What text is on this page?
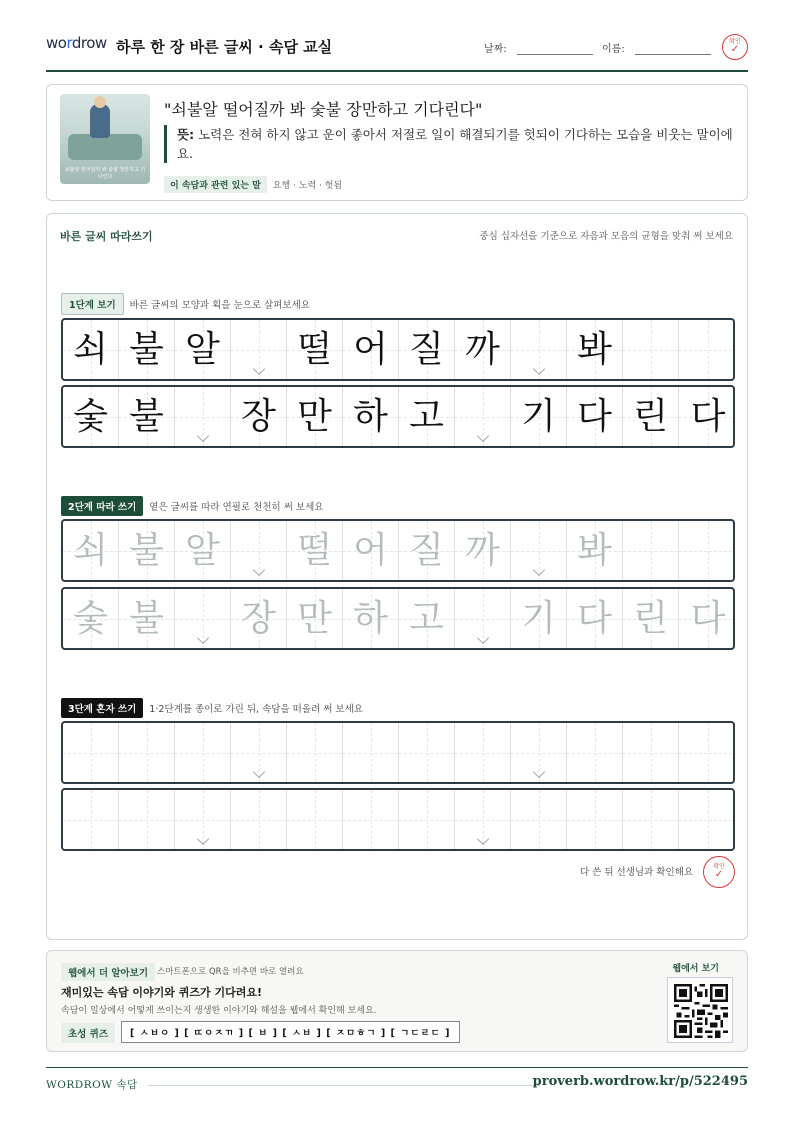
wordrow 하루 한 장 바른 글씨 · 속담 교실	날짜:	이름:
확인
✓
쇠불알 떨어질까 봐 숯불 장만하고 기다린다
"쇠불알 떨어질까 봐 숯불 장만하고 기다린다"
뜻: 노력은 전혀 하지 않고 운이 좋아서 저절로 일이 해결되기를 헛되이 기다하는 모습을 비웃는 말이에요.
이 속담과 관련 있는 말 요행 · 노력 · 헛됨
바른 글씨 따라쓰기	중심 십자선을 기준으로 자음과 모음의 균형을 맞춰 써 보세요
1단계 보기 바른 글씨의 모양과 획을 눈으로 살펴보세요
쇠 불 알 떨 어 질 까 봐
숯 불 장 만 하 고 기 다 린 다
2단계 따라 쓰기 옅은 글씨를 따라 연필로 천천히 써 보세요
쇠 불 알 떨 어 질 까 봐
숯 불 장 만 하 고 기 다 린 다
3단계 혼자 쓰기 1·2단계를 종이로 가린 뒤, 속담을 떠올려 써 보세요
다 쓴 뒤 선생님과 확인해요
확인
✓
웹에서 더 알아보기	스마트폰으로 QR을 비추면 바로 열려요
재미있는 속담 이야기와 퀴즈가 기다려요!
속담이 일상에서 어떻게 쓰이는지 생생한 이야기와 해설을 웹에서 확인해 보세요.
초성 퀴즈	[ ㅅㅂㅇ ] [ ㄸㅇㅈㄲ ] [ ㅂ ] [ ㅅㅂ ] [ ㅈㅁㅎㄱ ] [ ㄱㄷㄹㄷ ]
웹에서 보기
WORDROW 속담	proverb.wordrow.kr/p/522495
